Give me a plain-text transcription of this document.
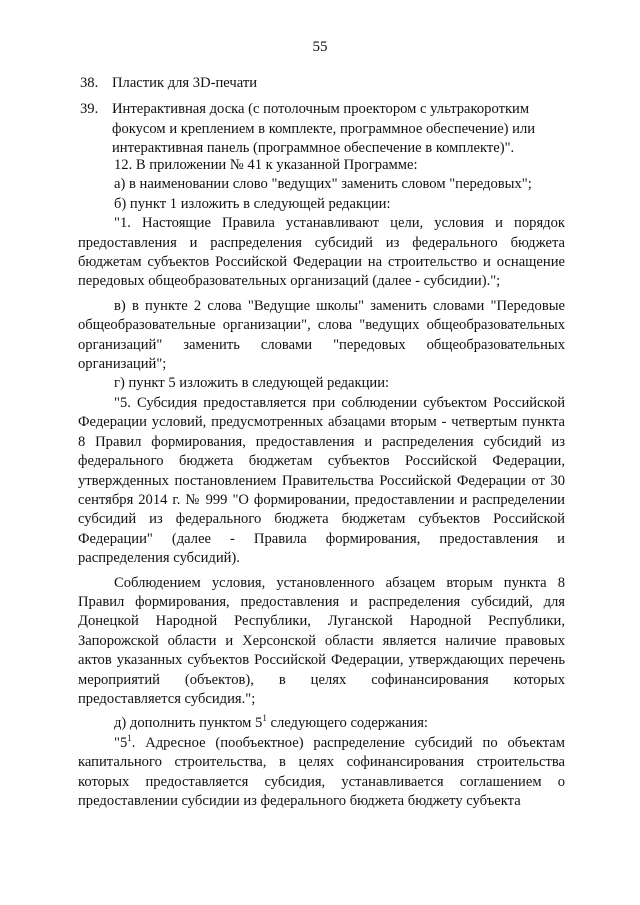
55
38. Пластик для 3D-печати
39. Интерактивная доска (с потолочным проектором с ультракоротким фокусом и креплением в комплекте, программное обеспечение) или интерактивная панель (программное обеспечение в комплекте)".

12. В приложении № 41 к указанной Программе:

а) в наименовании слово "ведущих" заменить словом "передовых";

б) пункт 1 изложить в следующей редакции:

"1. Настоящие Правила устанавливают цели, условия и порядок предоставления и распределения субсидий из федерального бюджета бюджетам субъектов Российской Федерации на строительство и оснащение передовых общеобразовательных организаций (далее - субсидии).";

в) в пункте 2 слова "Ведущие школы" заменить словами "Передовые общеобразовательные организации", слова "ведущих общеобразовательных организаций" заменить словами "передовых общеобразовательных организаций";

г) пункт 5 изложить в следующей редакции:

"5. Субсидия предоставляется при соблюдении субъектом Российской Федерации условий, предусмотренных абзацами вторым - четвертым пункта 8 Правил формирования, предоставления и распределения субсидий из федерального бюджета бюджетам субъектов Российской Федерации, утвержденных постановлением Правительства Российской Федерации от 30 сентября 2014 г. № 999 "О формировании, предоставлении и распределении субсидий из федерального бюджета бюджетам субъектов Российской Федерации" (далее - Правила формирования, предоставления и распределения субсидий).

Соблюдением условия, установленного абзацем вторым пункта 8 Правил формирования, предоставления и распределения субсидий, для Донецкой Народной Республики, Луганской Народной Республики, Запорожской области и Херсонской области является наличие правовых актов указанных субъектов Российской Федерации, утверждающих перечень мероприятий (объектов), в целях софинансирования которых предоставляется субсидия.";

д) дополнить пунктом $5^1$ следующего содержания:

"$5^1$. Адресное (пообъектное) распределение субсидий по объектам капитального строительства, в целях софинансирования строительства которых предоставляется субсидия, устанавливается соглашением о предоставлении субсидии из федерального бюджета бюджету субъекта
